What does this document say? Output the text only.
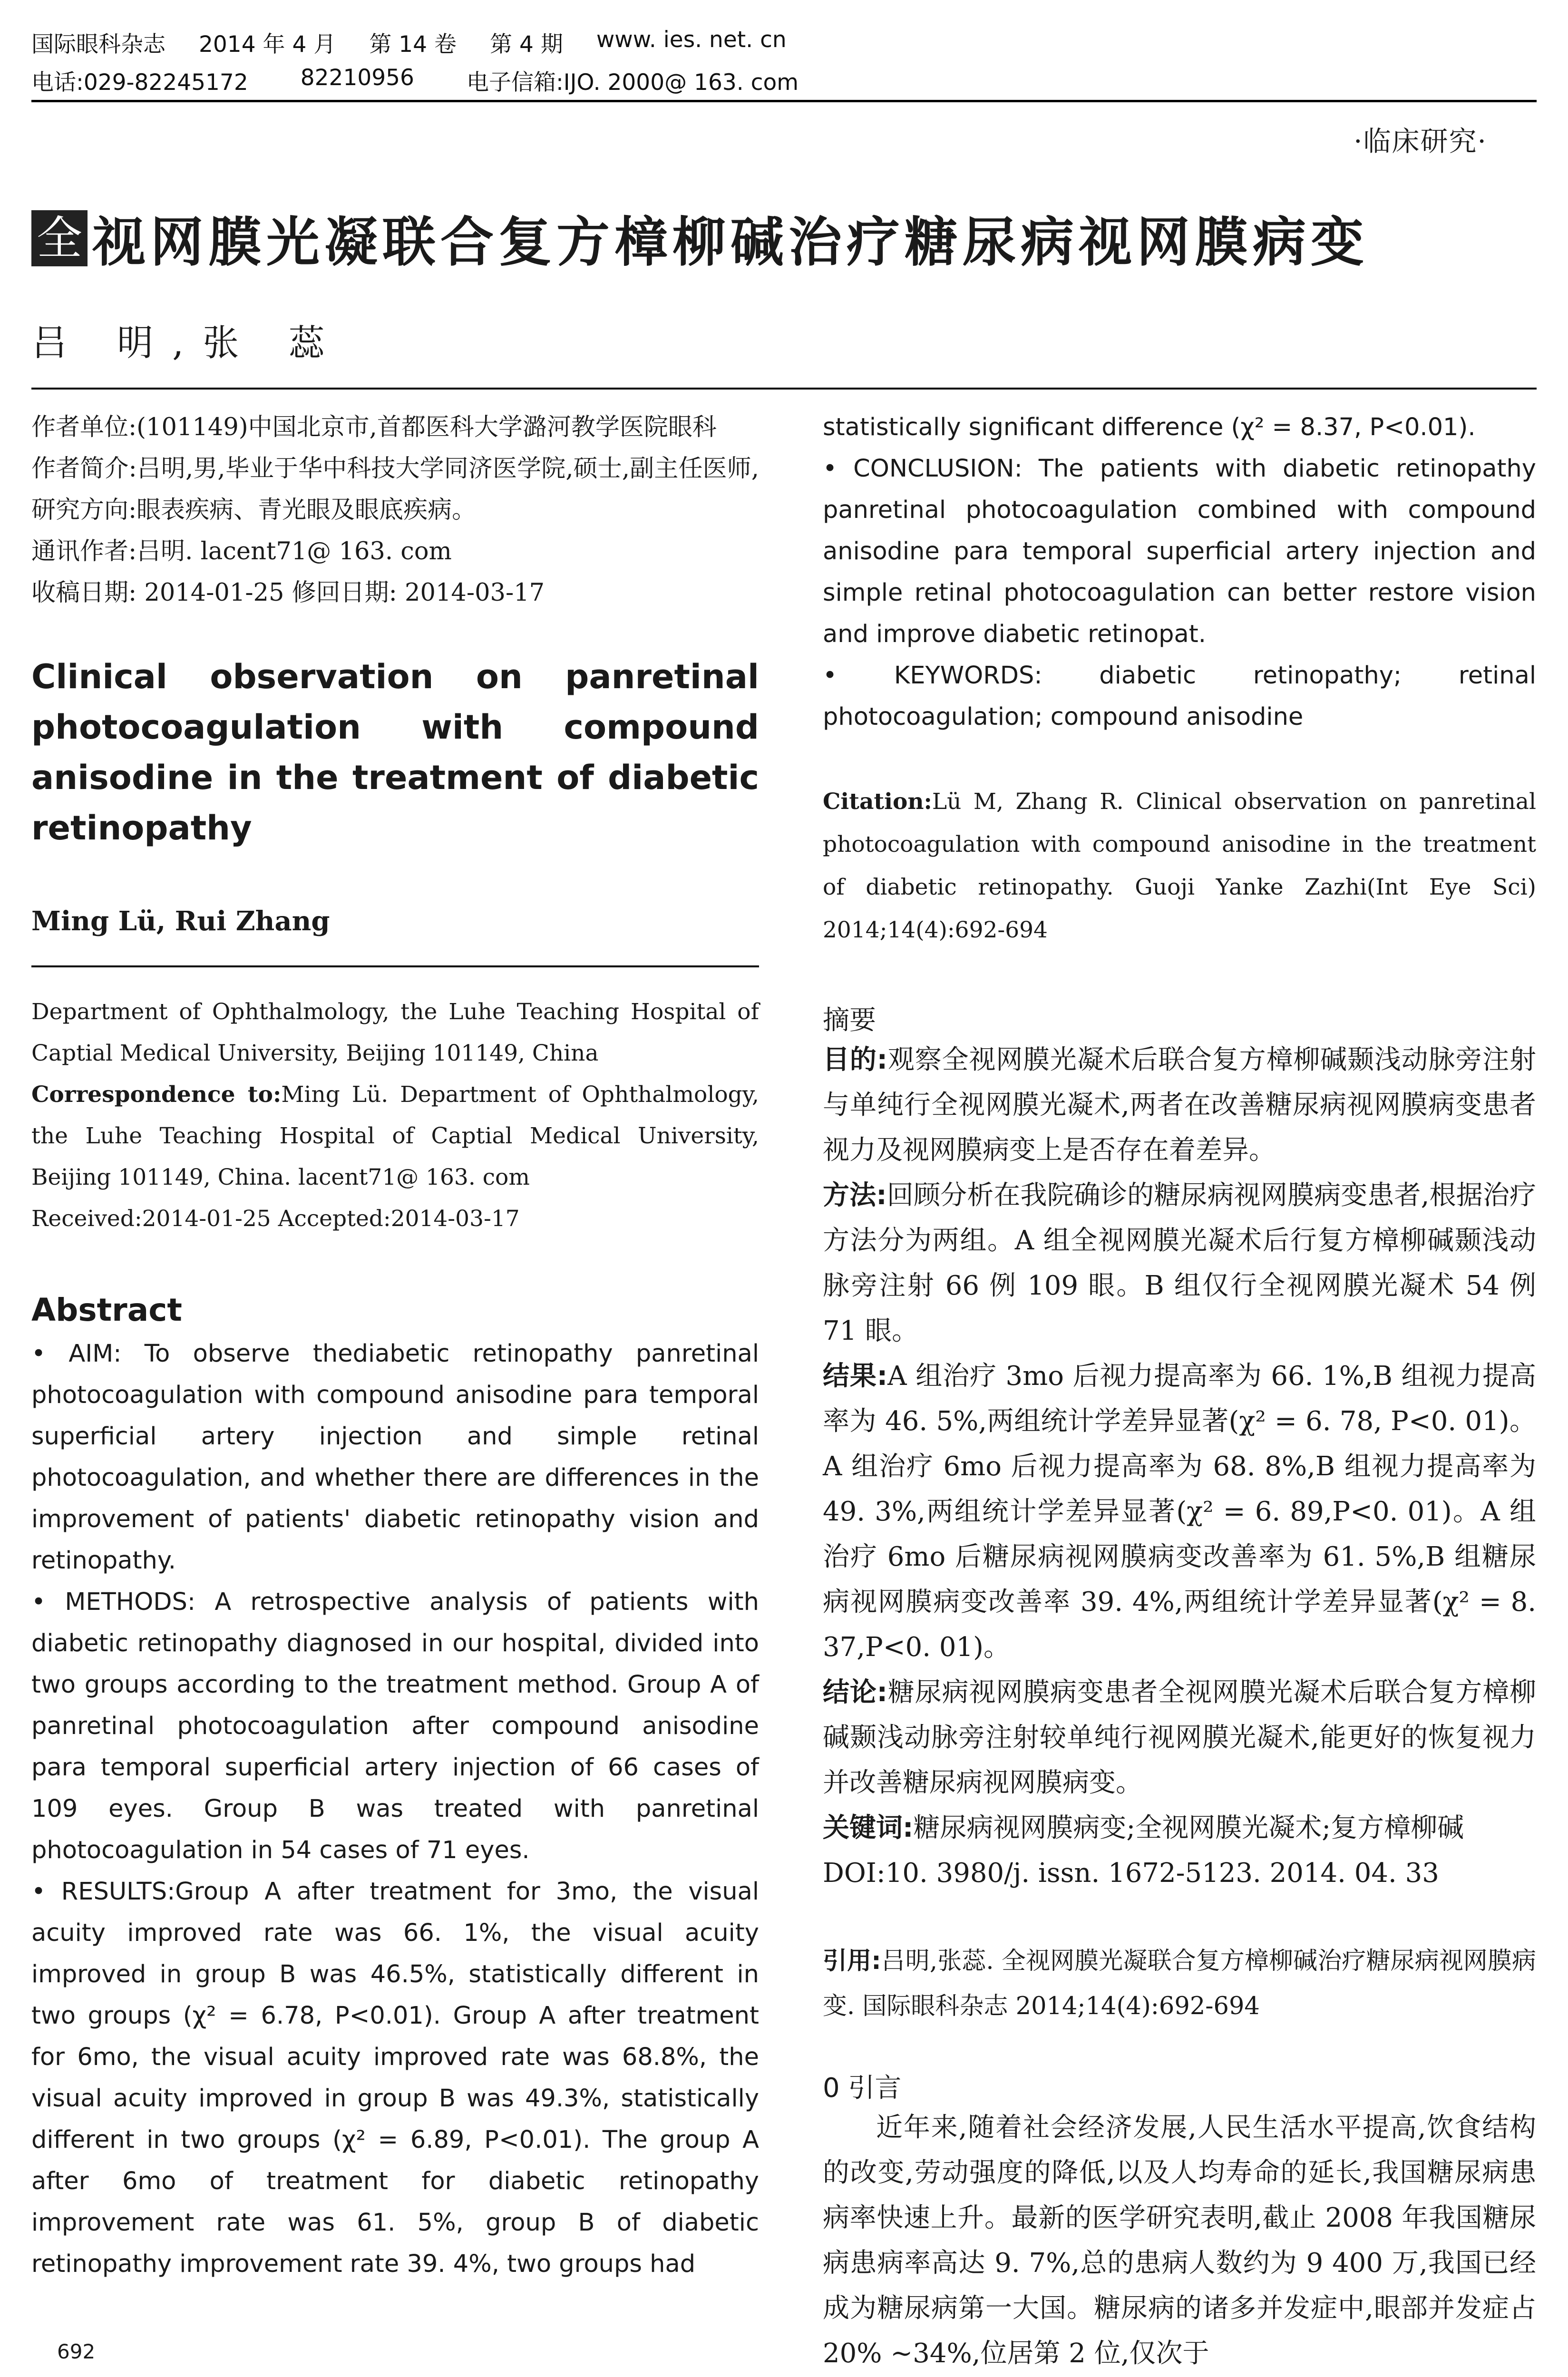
国际眼科杂志 2014 年 4 月 第 14 卷 第 4 期 www. ies. net. cn
电话:029-82245172 82210956 电子信箱:IJO. 2000@ 163. com
·临床研究·
全 视网膜光凝联合复方樟柳碱治疗糖尿病视网膜病变
吕 明,张 蕊

作者单位:(101149)中国北京市,首都医科大学潞河教学医院眼科

作者简介:吕明,男,毕业于华中科技大学同济医学院,硕士,副主任医师,研究方向:眼表疾病、青光眼及眼底疾病。

通讯作者:吕明. lacent71@ 163. com

收稿日期: 2014-01-25 修回日期: 2014-03-17

Clinical observation on panretinal photocoagulation with compound anisodine in the treatment of diabetic retinopathy

Ming Lü, Rui Zhang

Department of Ophthalmology, the Luhe Teaching Hospital of Captial Medical University, Beijing 101149, China

Correspondence to:Ming Lü. Department of Ophthalmology, the Luhe Teaching Hospital of Captial Medical University, Beijing 101149, China. lacent71@ 163. com

Received:2014-01-25 Accepted:2014-03-17

Abstract

• AIM: To observe thediabetic retinopathy panretinal photocoagulation with compound anisodine para temporal superficial artery injection and simple retinal photocoagulation, and whether there are differences in the improvement of patients' diabetic retinopathy vision and retinopathy.

• METHODS: A retrospective analysis of patients with diabetic retinopathy diagnosed in our hospital, divided into two groups according to the treatment method. Group A of panretinal photocoagulation after compound anisodine para temporal superficial artery injection of 66 cases of 109 eyes. Group B was treated with panretinal photocoagulation in 54 cases of 71 eyes.

• RESULTS:Group A after treatment for 3mo, the visual acuity improved rate was 66. 1%, the visual acuity improved in group B was 46.5%, statistically different in two groups (χ² = 6.78, P<0.01). Group A after treatment for 6mo, the visual acuity improved rate was 68.8%, the visual acuity improved in group B was 49.3%, statistically different in two groups (χ² = 6.89, P<0.01). The group A after 6mo of treatment for diabetic retinopathy improvement rate was 61. 5%, group B of diabetic retinopathy improvement rate 39. 4%, two groups had

692

statistically significant difference (χ² = 8.37, P<0.01).

• CONCLUSION: The patients with diabetic retinopathy panretinal photocoagulation combined with compound anisodine para temporal superficial artery injection and simple retinal photocoagulation can better restore vision and improve diabetic retinopat.

• KEYWORDS: diabetic retinopathy; retinal photocoagulation; compound anisodine

Citation:Lü M, Zhang R. Clinical observation on panretinal photocoagulation with compound anisodine in the treatment of diabetic retinopathy. Guoji Yanke Zazhi(Int Eye Sci) 2014;14(4):692-694

摘要

目的:观察全视网膜光凝术后联合复方樟柳碱颞浅动脉旁注射与单纯行全视网膜光凝术,两者在改善糖尿病视网膜病变患者视力及视网膜病变上是否存在着差异。

方法:回顾分析在我院确诊的糖尿病视网膜病变患者,根据治疗方法分为两组。A 组全视网膜光凝术后行复方樟柳碱颞浅动脉旁注射 66 例 109 眼。B 组仅行全视网膜光凝术 54 例 71 眼。

结果:A 组治疗 3mo 后视力提高率为 66. 1%,B 组视力提高率为 46. 5%,两组统计学差异显著(χ² = 6. 78, P<0. 01)。A 组治疗 6mo 后视力提高率为 68. 8%,B 组视力提高率为 49. 3%,两组统计学差异显著(χ² = 6. 89,P<0. 01)。A 组治疗 6mo 后糖尿病视网膜病变改善率为 61. 5%,B 组糖尿病视网膜病变改善率 39. 4%,两组统计学差异显著(χ² = 8. 37,P<0. 01)。

结论:糖尿病视网膜病变患者全视网膜光凝术后联合复方樟柳碱颞浅动脉旁注射较单纯行视网膜光凝术,能更好的恢复视力并改善糖尿病视网膜病变。

关键词:糖尿病视网膜病变;全视网膜光凝术;复方樟柳碱

DOI:10. 3980/j. issn. 1672-5123. 2014. 04. 33

引用:吕明,张蕊. 全视网膜光凝联合复方樟柳碱治疗糖尿病视网膜病变. 国际眼科杂志 2014;14(4):692-694

0 引言

近年来,随着社会经济发展,人民生活水平提高,饮食结构的改变,劳动强度的降低,以及人均寿命的延长,我国糖尿病患病率快速上升。最新的医学研究表明,截止 2008 年我国糖尿病患病率高达 9. 7%,总的患病人数约为 9 400 万,我国已经成为糖尿病第一大国。糖尿病的诸多并发症中,眼部并发症占 20% ~34%,位居第 2 位,仅次于
